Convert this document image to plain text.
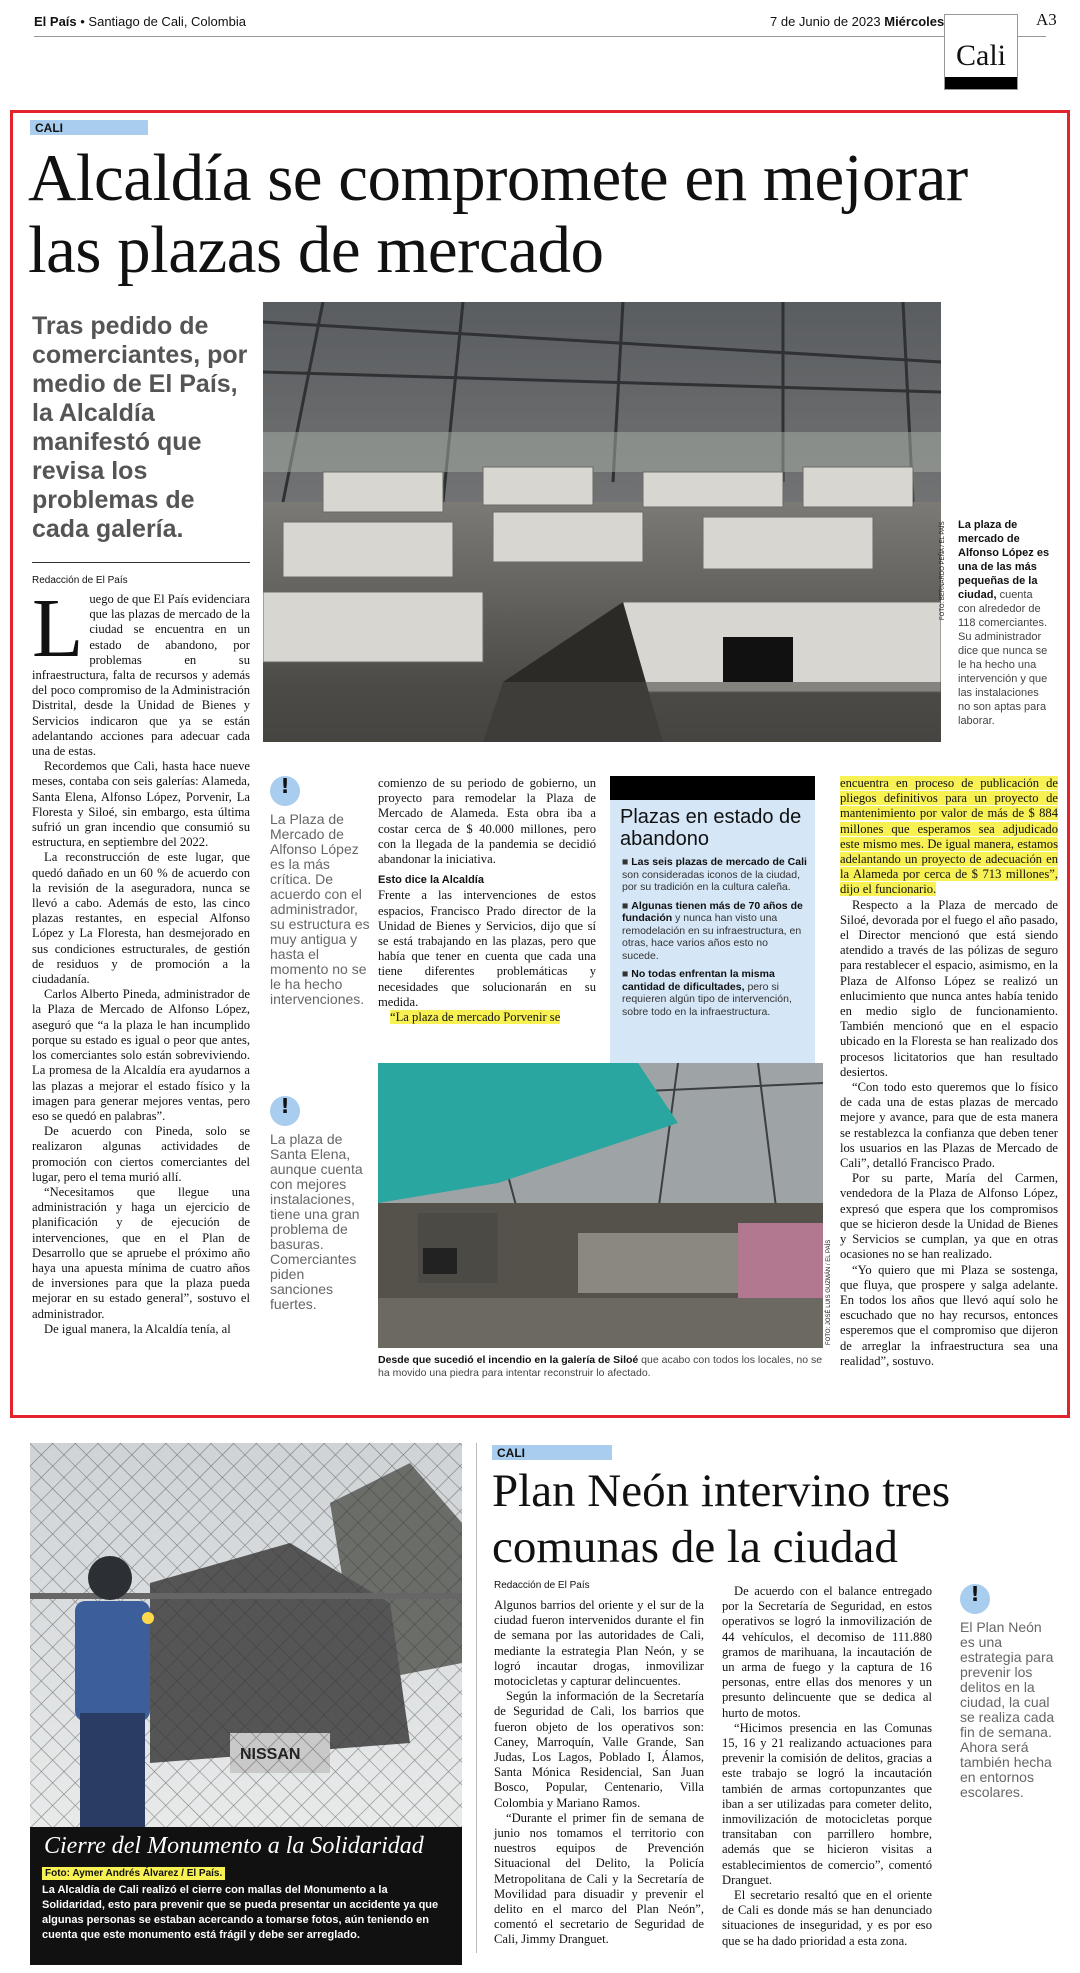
El País • Santiago de Cali, Colombia	7 de Junio de 2023 Miércoles
Cali
A3
CALI
Alcaldía se compromete en mejorar las plazas de mercado
Tras pedido de comerciantes, por medio de El País, la Alcaldía manifestó que revisa los problemas de cada galería.
Redacción de El País
L uego de que El País evidenciara que las plazas de mercado de la ciudad se encuentra en un estado de abandono, por problemas en su infraestructura, falta de recursos y además del poco compromiso de la Administración Distrital, desde la Unidad de Bienes y Servicios indicaron que ya se están adelantando acciones para adecuar cada una de estas.

Recordemos que Cali, hasta hace nueve meses, contaba con seis galerías: Alameda, Santa Elena, Alfonso López, Porvenir, La Floresta y Siloé, sin embargo, esta última sufrió un gran incendio que consumió su estructura, en septiembre del 2022.

La reconstrucción de este lugar, que quedó dañado en un 60 % de acuerdo con la revisión de la aseguradora, nunca se llevó a cabo. Además de esto, las cinco plazas restantes, en especial Alfonso López y La Floresta, han desmejorado en sus condiciones estructurales, de gestión de residuos y de promoción a la ciudadanía.

Carlos Alberto Pineda, administrador de la Plaza de Mercado de Alfonso López, aseguró que “a la plaza le han incumplido porque su estado es igual o peor que antes, los comerciantes solo están sobreviviendo. La promesa de la Alcaldía era ayudarnos a las plazas a mejorar el estado físico y la imagen para generar mejores ventas, pero eso se quedó en palabras”.

De acuerdo con Pineda, solo se realizaron algunas actividades de promoción con ciertos comerciantes del lugar, pero el tema murió allí.

“Necesitamos que llegue una administración y haga un ejercicio de planificación y de ejecución de intervenciones, que en el Plan de Desarrollo que se apruebe el próximo año haya una apuesta mínima de cuatro años de inversiones para que la plaza pueda mejorar en su estado general”, sostuvo el administrador.

De igual manera, la Alcaldía tenía, al

FOTO: BERNARDO PEÑA / EL PAÍS La plaza de mercado de Alfonso López es una de las más pequeñas de la ciudad, cuenta con alrededor de 118 comerciantes. Su administrador dice que nunca se le ha hecho una intervención y que las instalaciones no son aptas para laborar.
!
La Plaza de Mercado de Alfonso López es la más crítica. De acuerdo con el administrador, su estructura es muy antigua y hasta el momento no se le ha hecho intervenciones.
!
La plaza de Santa Elena, aunque cuenta con mejores instalaciones, tiene una gran problema de basuras. Comerciantes piden sanciones fuertes.

comienzo de su periodo de gobierno, un proyecto para remodelar la Plaza de Mercado de Alameda. Esta obra iba a costar cerca de $ 40.000 millones, pero con la llegada de la pandemia se decidió abandonar la iniciativa.

Esto dice la Alcaldía

Frente a las intervenciones de estos espacios, Francisco Prado director de la Unidad de Bienes y Servicios, dijo que sí se está trabajando en las plazas, pero que había que tener en cuenta que cada una tiene diferentes problemáticas y necesidades que solucionarán en su medida.

“La plaza de mercado Porvenir se

Plazas en estado de abandono
■ Las seis plazas de mercado de Cali son consideradas iconos de la ciudad, por su tradición en la cultura caleña.
■ Algunas tienen más de 70 años de fundación y nunca han visto una remodelación en su infraestructura, en otras, hace varios años esto no sucede.
■ No todas enfrentan la misma cantidad de dificultades, pero si requieren algún tipo de intervención, sobre todo en la infraestructura.

encuentra en proceso de publicación de pliegos definitivos para un proyecto de mantenimiento por valor de más de $ 884 millones que esperamos sea adjudicado este mismo mes. De igual manera, estamos adelantando un proyecto de adecuación en la Alameda por cerca de $ 713 millones”, dijo el funcionario.

Respecto a la Plaza de mercado de Siloé, devorada por el fuego el año pasado, el Director mencionó que está siendo atendido a través de las pólizas de seguro para restablecer el espacio, asimismo, en la Plaza de Alfonso López se realizó un enlucimiento que nunca antes había tenido en medio siglo de funcionamiento. También mencionó que en el espacio ubicado en la Floresta se han realizado dos procesos licitatorios que han resultado desiertos.

“Con todo esto queremos que lo físico de cada una de estas plazas de mercado mejore y avance, para que de esta manera se restablezca la confianza que deben tener los usuarios en las Plazas de Mercado de Cali”, detalló Francisco Prado.

Por su parte, María del Carmen, vendedora de la Plaza de Alfonso López, expresó que espera que los compromisos que se hicieron desde la Unidad de Bienes y Servicios se cumplan, ya que en otras ocasiones no se han realizado.

“Yo quiero que mi Plaza se sostenga, que fluya, que prospere y salga adelante. En todos los años que llevó aquí solo he escuchado que no hay recursos, entonces esperemos que el compromiso que dijeron de arreglar la infraestructura sea una realidad”, sostuvo.

FOTO: JOSÉ LUIS GUZMÁN / EL PAÍS
Desde que sucedió el incendio en la galería de Siloé que acabo con todos los locales, no se ha movido una piedra para intentar reconstruir lo afectado.
Cierre del Monumento a la Solidaridad
Foto: Aymer Andrés Álvarez / El País.
La Alcaldía de Cali realizó el cierre con mallas del Monumento a la Solidaridad, esto para prevenir que se pueda presentar un accidente ya que algunas personas se estaban acercando a tomarse fotos, aún teniendo en cuenta que este monumento está frágil y debe ser arreglado.
CALI
Plan Neón intervino tres comunas de la ciudad
Redacción de El País

Algunos barrios del oriente y el sur de la ciudad fueron intervenidos durante el fin de semana por las autoridades de Cali, mediante la estrategia Plan Neón, y se logró incautar drogas, inmovilizar motocicletas y capturar delincuentes.

Según la información de la Secretaría de Seguridad de Cali, los barrios que fueron objeto de los operativos son: Caney, Marroquín, Valle Grande, San Judas, Los Lagos, Poblado I, Álamos, Santa Mónica Residencial, San Juan Bosco, Popular, Centenario, Villa Colombia y Mariano Ramos.

“Durante el primer fin de semana de junio nos tomamos el territorio con nuestros equipos de Prevención Situacional del Delito, la Policía Metropolitana de Cali y la Secretaría de Movilidad para disuadir y prevenir el delito en el marco del Plan Neón”, comentó el secretario de Seguridad de Cali, Jimmy Dranguet.

De acuerdo con el balance entregado por la Secretaría de Seguridad, en estos operativos se logró la inmovilización de 44 vehículos, el decomiso de 111.880 gramos de marihuana, la incautación de un arma de fuego y la captura de 16 personas, entre ellas dos menores y un presunto delincuente que se dedica al hurto de motos.

“Hicimos presencia en las Comunas 15, 16 y 21 realizando actuaciones para prevenir la comisión de delitos, gracias a este trabajo se logró la incautación también de armas cortopunzantes que iban a ser utilizadas para cometer delito, inmovilización de motocicletas porque transitaban con parrillero hombre, además que se hicieron visitas a establecimientos de comercio”, comentó Dranguet.

El secretario resaltó que en el oriente de Cali es donde más se han denunciado situaciones de inseguridad, y es por eso que se ha dado prioridad a esta zona.

!
El Plan Neón es una estrategia para prevenir los delitos en la ciudad, la cual se realiza cada fin de semana. Ahora será también hecha en entornos escolares.
